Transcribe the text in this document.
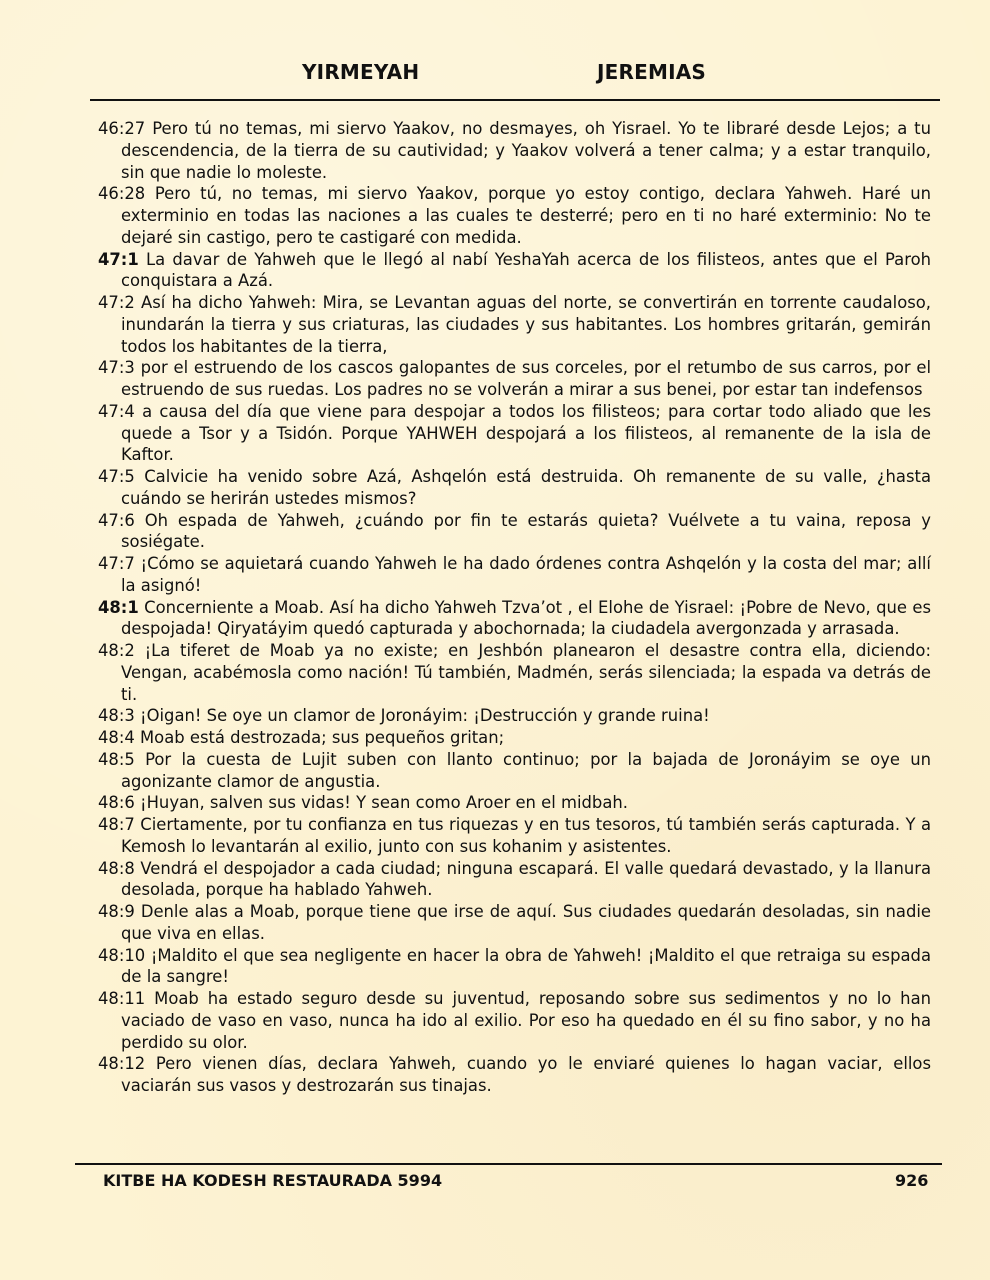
YIRMEYAH	JEREMIAS

46:27 Pero tú no temas, mi siervo Yaakov, no desmayes, oh Yisrael. Yo te libraré desde Lejos; a tu descendencia, de la tierra de su cautividad; y Yaakov volverá a tener calma; y a estar tranquilo, sin que nadie lo moleste.

46:28 Pero tú, no temas, mi siervo Yaakov, porque yo estoy contigo, declara Yahweh. Haré un exterminio en todas las naciones a las cuales te desterré; pero en ti no haré exterminio: No te dejaré sin castigo, pero te castigaré con medida.

47:1 La davar de Yahweh que le llegó al nabí YeshaYah acerca de los filisteos, antes que el Paroh conquistara a Azá.

47:2 Así ha dicho Yahweh: Mira, se Levantan aguas del norte, se convertirán en torrente caudaloso, inundarán la tierra y sus criaturas, las ciudades y sus habitantes. Los hombres gritarán, gemirán todos los habitantes de la tierra,

47:3 por el estruendo de los cascos galopantes de sus corceles, por el retumbo de sus carros, por el estruendo de sus ruedas. Los padres no se volverán a mirar a sus benei, por estar tan indefensos

47:4 a causa del día que viene para despojar a todos los filisteos; para cortar todo aliado que les quede a Tsor y a Tsidón. Porque YAHWEH despojará a los filisteos, al remanente de la isla de Kaftor.

47:5 Calvicie ha venido sobre Azá, Ashqelón está destruida. Oh remanente de su valle, ¿hasta cuándo se herirán ustedes mismos?

47:6 Oh espada de Yahweh, ¿cuándo por fin te estarás quieta? Vuélvete a tu vaina, reposa y sosiégate.

47:7 ¡Cómo se aquietará cuando Yahweh le ha dado órdenes contra Ashqelón y la costa del mar; allí la asignó!

48:1 Concerniente a Moab. Así ha dicho Yahweh Tzva’ot , el Elohe de Yisrael: ¡Pobre de Nevo, que es despojada! Qiryatáyim quedó capturada y abochornada; la ciudadela avergonzada y arrasada.

48:2 ¡La tiferet de Moab ya no existe; en Jeshbón planearon el desastre contra ella, diciendo: Vengan, acabémosla como nación! Tú también, Madmén, serás silenciada; la espada va detrás de ti.

48:3 ¡Oigan! Se oye un clamor de Joronáyim: ¡Destrucción y grande ruina!

48:4 Moab está destrozada; sus pequeños gritan;

48:5 Por la cuesta de Lujit suben con llanto continuo; por la bajada de Joronáyim se oye un agonizante clamor de angustia.

48:6 ¡Huyan, salven sus vidas! Y sean como Aroer en el midbah.

48:7 Ciertamente, por tu confianza en tus riquezas y en tus tesoros, tú también serás capturada. Y a Kemosh lo levantarán al exilio, junto con sus kohanim y asistentes.

48:8 Vendrá el despojador a cada ciudad; ninguna escapará. El valle quedará devastado, y la llanura desolada, porque ha hablado Yahweh.

48:9 Denle alas a Moab, porque tiene que irse de aquí. Sus ciudades quedarán desoladas, sin nadie que viva en ellas.

48:10 ¡Maldito el que sea negligente en hacer la obra de Yahweh! ¡Maldito el que retraiga su espada de la sangre!

48:11 Moab ha estado seguro desde su juventud, reposando sobre sus sedimentos y no lo han vaciado de vaso en vaso, nunca ha ido al exilio. Por eso ha quedado en él su fino sabor, y no ha perdido su olor.

48:12 Pero vienen días, declara Yahweh, cuando yo le enviaré quienes lo hagan vaciar, ellos vaciarán sus vasos y destrozarán sus tinajas.

KITBE HA KODESH RESTAURADA 5994	926
